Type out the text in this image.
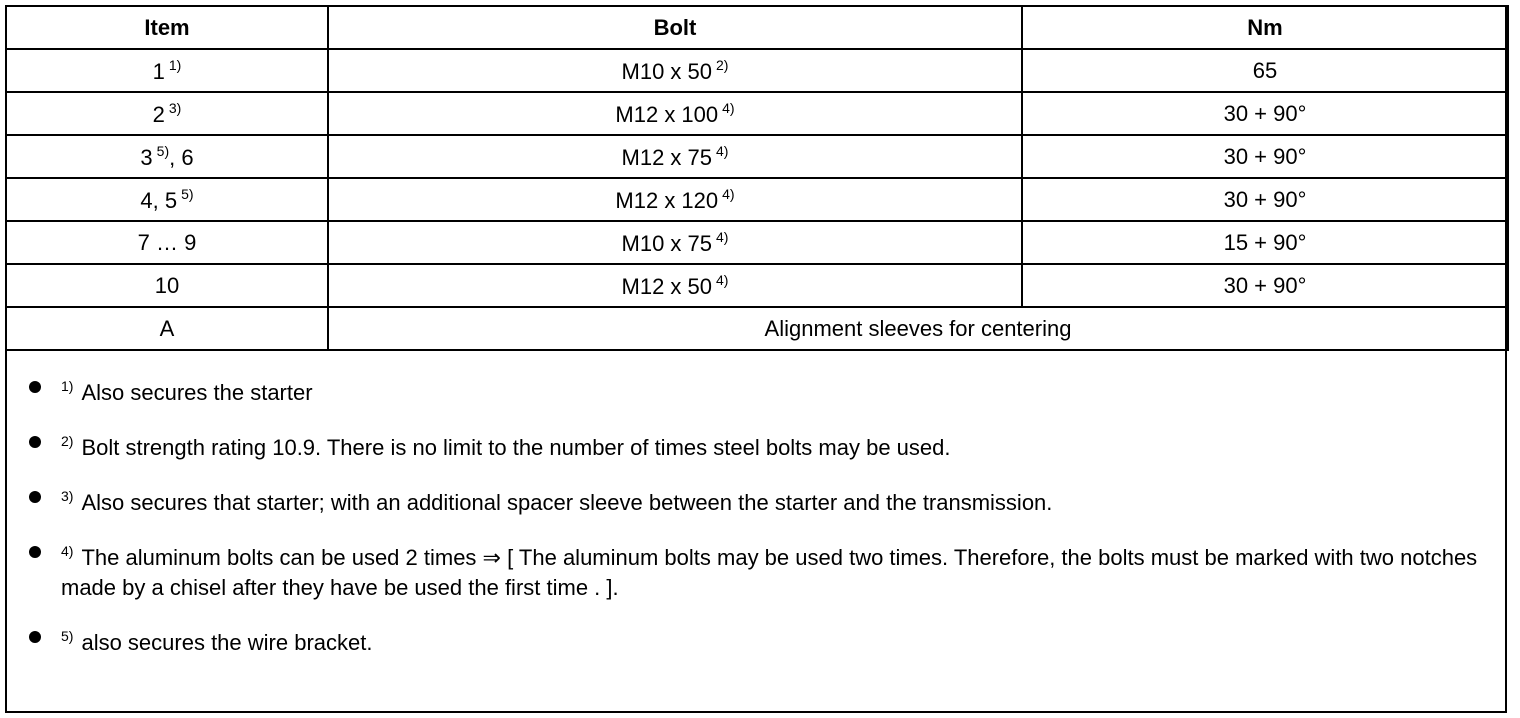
Item	Bolt	Nm
1 $^{1)}$	M10 x 50 $^{2)}$	65
2 $^{3)}$	M12 x 100 $^{4)}$	30 + 90°
3 $^{5)}$, 6	M12 x 75 $^{4)}$	30 + 90°
4, 5 $^{5)}$	M12 x 120 $^{4)}$	30 + 90°
7 … 9	M10 x 75 $^{4)}$	15 + 90°
10	M12 x 50 $^{4)}$	30 + 90°
A	Alignment sleeves for centering	
$^{1)}$ Also secures the starter
$^{2)}$ Bolt strength rating 10.9. There is no limit to the number of times steel bolts may be used.
$^{3)}$ Also secures that starter; with an additional spacer sleeve between the starter and the transmission.
$^{4)}$ The aluminum bolts can be used 2 times ⇒ [ The aluminum bolts may be used two times. Therefore, the bolts must be marked with two notches made by a chisel after they have be used the first time . ].
$^{5)}$ also secures the wire bracket.
